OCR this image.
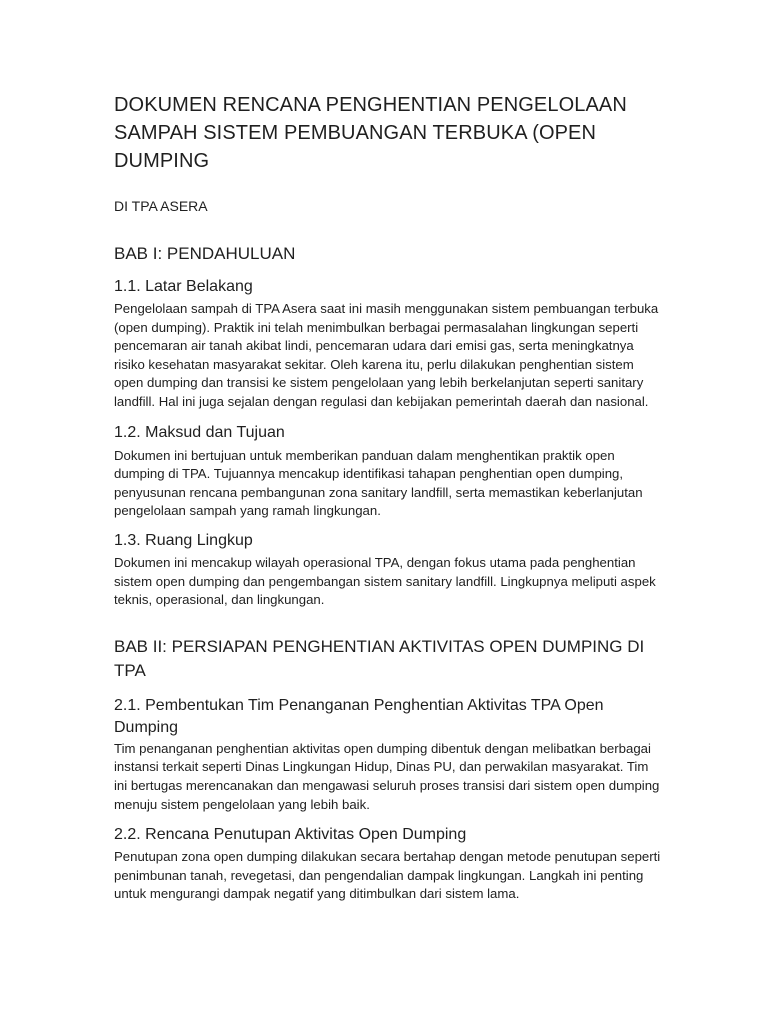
DOKUMEN RENCANA PENGHENTIAN PENGELOLAAN SAMPAH SISTEM PEMBUANGAN TERBUKA (OPEN DUMPING

DI TPA ASERA

BAB I: PENDAHULUAN
1.1. Latar Belakang

Pengelolaan sampah di TPA Asera saat ini masih menggunakan sistem pembuangan terbuka (open dumping). Praktik ini telah menimbulkan berbagai permasalahan lingkungan seperti pencemaran air tanah akibat lindi, pencemaran udara dari emisi gas, serta meningkatnya risiko kesehatan masyarakat sekitar. Oleh karena itu, perlu dilakukan penghentian sistem open dumping dan transisi ke sistem pengelolaan yang lebih berkelanjutan seperti sanitary landfill. Hal ini juga sejalan dengan regulasi dan kebijakan pemerintah daerah dan nasional.

1.2. Maksud dan Tujuan

Dokumen ini bertujuan untuk memberikan panduan dalam menghentikan praktik open dumping di TPA. Tujuannya mencakup identifikasi tahapan penghentian open dumping, penyusunan rencana pembangunan zona sanitary landfill, serta memastikan keberlanjutan pengelolaan sampah yang ramah lingkungan.

1.3. Ruang Lingkup

Dokumen ini mencakup wilayah operasional TPA, dengan fokus utama pada penghentian sistem open dumping dan pengembangan sistem sanitary landfill. Lingkupnya meliputi aspek teknis, operasional, dan lingkungan.

BAB II: PERSIAPAN PENGHENTIAN AKTIVITAS OPEN DUMPING DI TPA
2.1. Pembentukan Tim Penanganan Penghentian Aktivitas TPA Open Dumping

Tim penanganan penghentian aktivitas open dumping dibentuk dengan melibatkan berbagai instansi terkait seperti Dinas Lingkungan Hidup, Dinas PU, dan perwakilan masyarakat. Tim ini bertugas merencanakan dan mengawasi seluruh proses transisi dari sistem open dumping menuju sistem pengelolaan yang lebih baik.

2.2. Rencana Penutupan Aktivitas Open Dumping

Penutupan zona open dumping dilakukan secara bertahap dengan metode penutupan seperti penimbunan tanah, revegetasi, dan pengendalian dampak lingkungan. Langkah ini penting untuk mengurangi dampak negatif yang ditimbulkan dari sistem lama.
